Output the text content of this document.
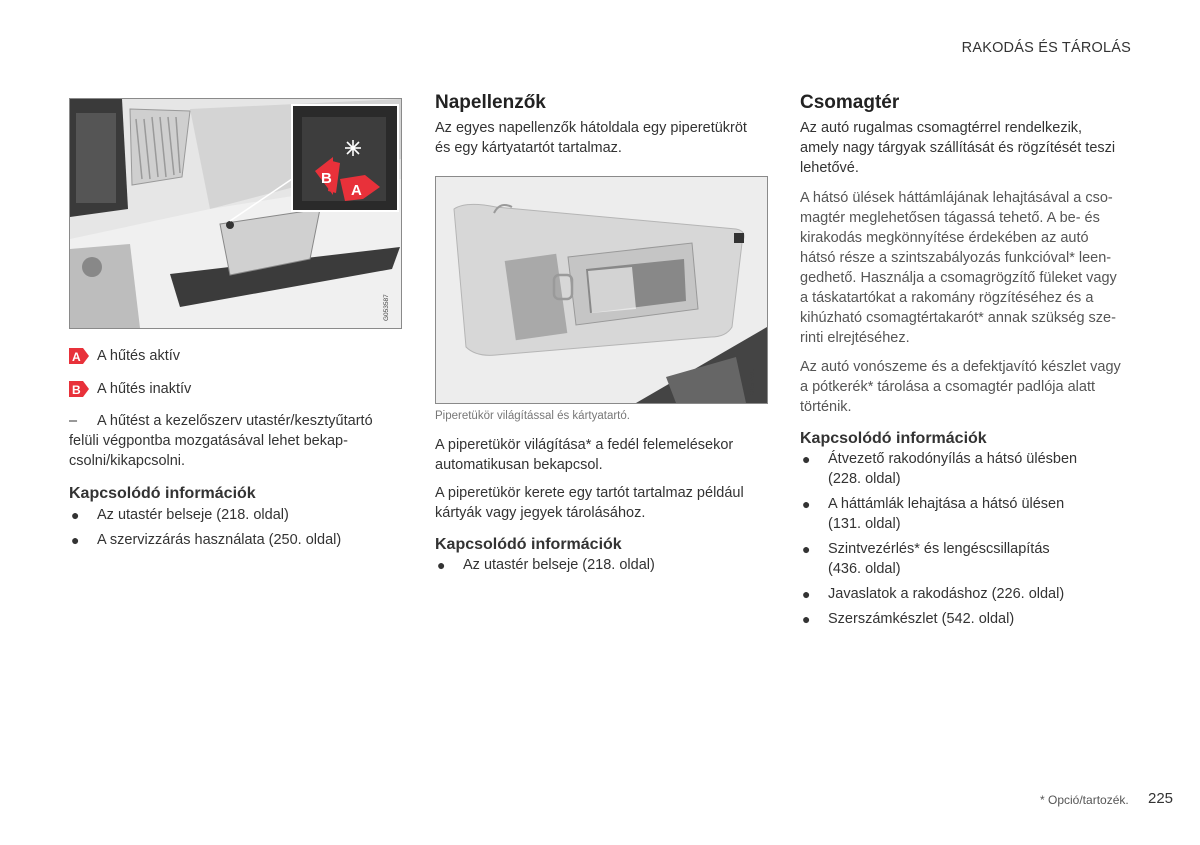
RAKODÁS ÉS TÁROLÁS
B
A
G053587
A A hűtés aktív
B A hűtés inaktív
– A hűtést a kezelőszerv utastér/kesztyűtartó
felüli végpontba mozgatásával lehet bekap-
csolni/kikapcsolni.
Kapcsolódó információk
● Az utastér belseje (218. oldal)
● A szervizzárás használata (250. oldal)
Napellenzők

Az egyes napellenzők hátoldala egy piperetükröt
és egy kártyatartót tartalmaz.

G053593
Piperetükör világítással és kártyatartó.

A piperetükör világítása* a fedél felemelésekor
automatikusan bekapcsol.

A piperetükör kerete egy tartót tartalmaz például
kártyák vagy jegyek tárolásához.

Kapcsolódó információk
● Az utastér belseje (218. oldal)
Csomagtér

Az autó rugalmas csomagtérrel rendelkezik,
amely nagy tárgyak szállítását és rögzítését teszi
lehetővé.

A hátsó ülések háttámlájának lehajtásával a cso-
magtér meglehetősen tágassá tehető. A be- és
kirakodás megkönnyítése érdekében az autó
hátsó része a szintszabályozás funkcióval* leen-
gedhető. Használja a csomagrögzítő füleket vagy
a táskatartókat a rakomány rögzítéséhez és a
kihúzható csomagtértakarót* annak szükség sze-
rinti elrejtéséhez.

Az autó vonószeme és a defektjavító készlet vagy
a pótkerék* tárolása a csomagtér padlója alatt
történik.

Kapcsolódó információk
● Átvezető rakodónyílás a hátsó ülésben
(228. oldal)
● A háttámlák lehajtása a hátsó ülésen
(131. oldal)
● Szintvezérlés* és lengéscsillapítás
(436. oldal)
● Javaslatok a rakodáshoz (226. oldal)
● Szerszámkészlet (542. oldal)
* Opció/tartozék. 225
